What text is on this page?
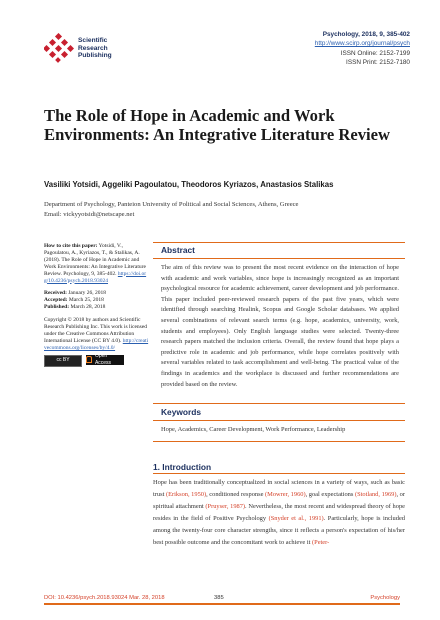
Scientific
Research
Publishing
Psychology, 2018, 9, 385-402
http://www.scirp.org/journal/psych
ISSN Online: 2152-7199
ISSN Print: 2152-7180
The Role of Hope in Academic and Work Environments: An Integrative Literature Review
Vasiliki Yotsidi, Aggeliki Pagoulatou, Theodoros Kyriazos, Anastasios Stalikas
Department of Psychology, Panteion University of Political and Social Sciences, Athens, Greece
Email: vickyyotsidi@netscape.net
How to cite this paper: Yotsidi, V., Pagoulatou, A., Kyriazos, T., & Stalikas, A. (2018). The Role of Hope in Academic and Work Environments: An Integrative Literature Review. Psychology, 9, 385-402. https://doi.org/10.4236/psych.2018.93024
Received: January 26, 2018
Accepted: March 25, 2018
Published: March 28, 2018
Copyright © 2018 by authors and Scientific Research Publishing Inc. This work is licensed under the Creative Commons Attribution International License (CC BY 4.0). http://creativecommons.org/licenses/by/4.0/
cc BY
Open Access
Abstract
The aim of this review was to present the most recent evidence on the interaction of hope with academic and work variables, since hope is increasingly recognized as an important psychological resource for academic achievement, career development and job performance. This paper included peer-reviewed research papers of the past five years, which were identified through searching Healink, Scopus and Google Scholar databases. We applied several combinations of relevant search terms (e.g. hope, academics, university, work, students and employees). Only English language studies were selected. Twenty-three research papers matched the inclusion criteria. Overall, the review found that hope plays a predictive role in academic and job performance, while hope correlates positively with several variables related to task accomplishment and well-being. The practical value of the findings in academics and the workplace is discussed and further recommendations are provided based on the review.
Keywords
Hope, Academics, Career Development, Work Performance, Leadership
1. Introduction
Hope has been traditionally conceptualized in social sciences in a variety of ways, such as basic trust (Erikson, 1950), conditioned response (Mowrer, 1960), goal expectations (Stotland, 1969), or spiritual attachment (Pruyser, 1987). Nevertheless, the most recent and widespread theory of hope resides in the field of Positive Psychology (Snyder et al., 1991). Particularly, hope is included among the twenty-four core character strengths, since it reflects a person's expectation of his/her best possible outcome and the concomitant work to achieve it (Peter-
DOI: 10.4236/psych.2018.93024 Mar. 28, 2018	385	Psychology
